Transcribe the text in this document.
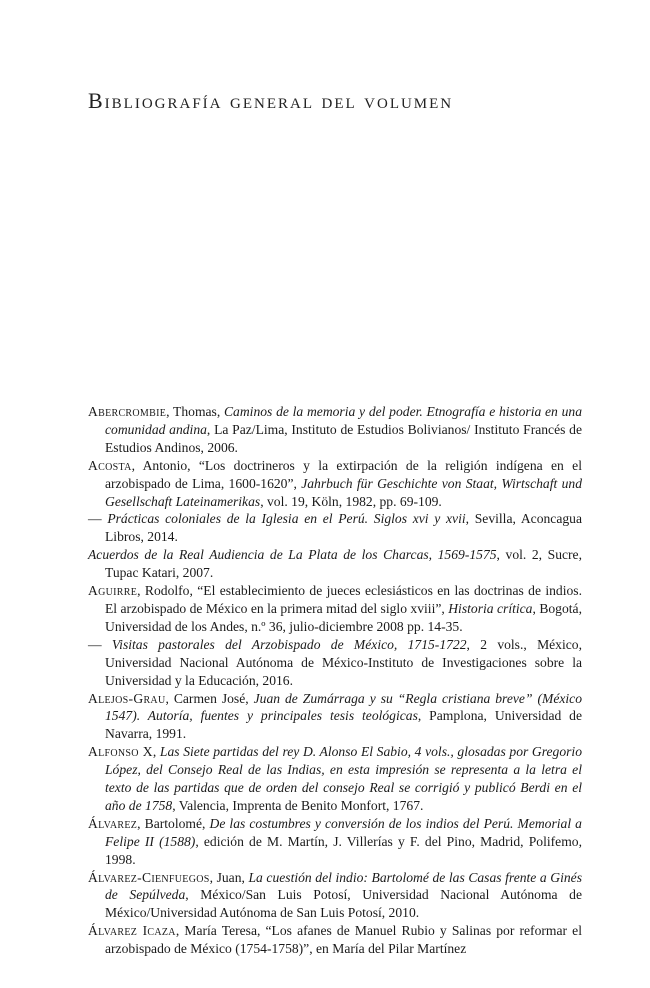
Bibliografía general del volumen
Abercrombie, Thomas, Caminos de la memoria y del poder. Etnografía e historia en una comunidad andina, La Paz/Lima, Instituto de Estudios Bolivianos/ Instituto Francés de Estudios Andinos, 2006.
Acosta, Antonio, “Los doctrineros y la extirpación de la religión indígena en el arzobispado de Lima, 1600-1620”, Jahrbuch für Geschichte von Staat, Wirtschaft und Gesellschaft Lateinamerikas, vol. 19, Köln, 1982, pp. 69-109.
— Prácticas coloniales de la Iglesia en el Perú. Siglos xvi y xvii, Sevilla, Aconcagua Libros, 2014.
Acuerdos de la Real Audiencia de La Plata de los Charcas, 1569-1575, vol. 2, Sucre, Tupac Katari, 2007.
Aguirre, Rodolfo, “El establecimiento de jueces eclesiásticos en las doctrinas de indios. El arzobispado de México en la primera mitad del siglo xviii”, Historia crítica, Bogotá, Universidad de los Andes, n.º 36, julio-diciembre 2008 pp. 14-35.
— Visitas pastorales del Arzobispado de México, 1715-1722, 2 vols., México, Universidad Nacional Autónoma de México-Instituto de Investigaciones sobre la Universidad y la Educación, 2016.
Alejos-Grau, Carmen José, Juan de Zumárraga y su “Regla cristiana breve” (México 1547). Autoría, fuentes y principales tesis teológicas, Pamplona, Universidad de Navarra, 1991.
Alfonso X, Las Siete partidas del rey D. Alonso El Sabio, 4 vols., glosadas por Gregorio López, del Consejo Real de las Indias, en esta impresión se representa a la letra el texto de las partidas que de orden del consejo Real se corrigió y publicó Berdi en el año de 1758, Valencia, Imprenta de Benito Monfort, 1767.
Álvarez, Bartolomé, De las costumbres y conversión de los indios del Perú. Memorial a Felipe II (1588), edición de M. Martín, J. Villerías y F. del Pino, Madrid, Polifemo, 1998.
Álvarez-Cienfuegos, Juan, La cuestión del indio: Bartolomé de las Casas frente a Ginés de Sepúlveda, México/San Luis Potosí, Universidad Nacional Autónoma de México/Universidad Autónoma de San Luis Potosí, 2010.
Álvarez Icaza, María Teresa, “Los afanes de Manuel Rubio y Salinas por reformar el arzobispado de México (1754-1758)”, en María del Pilar Martínez
